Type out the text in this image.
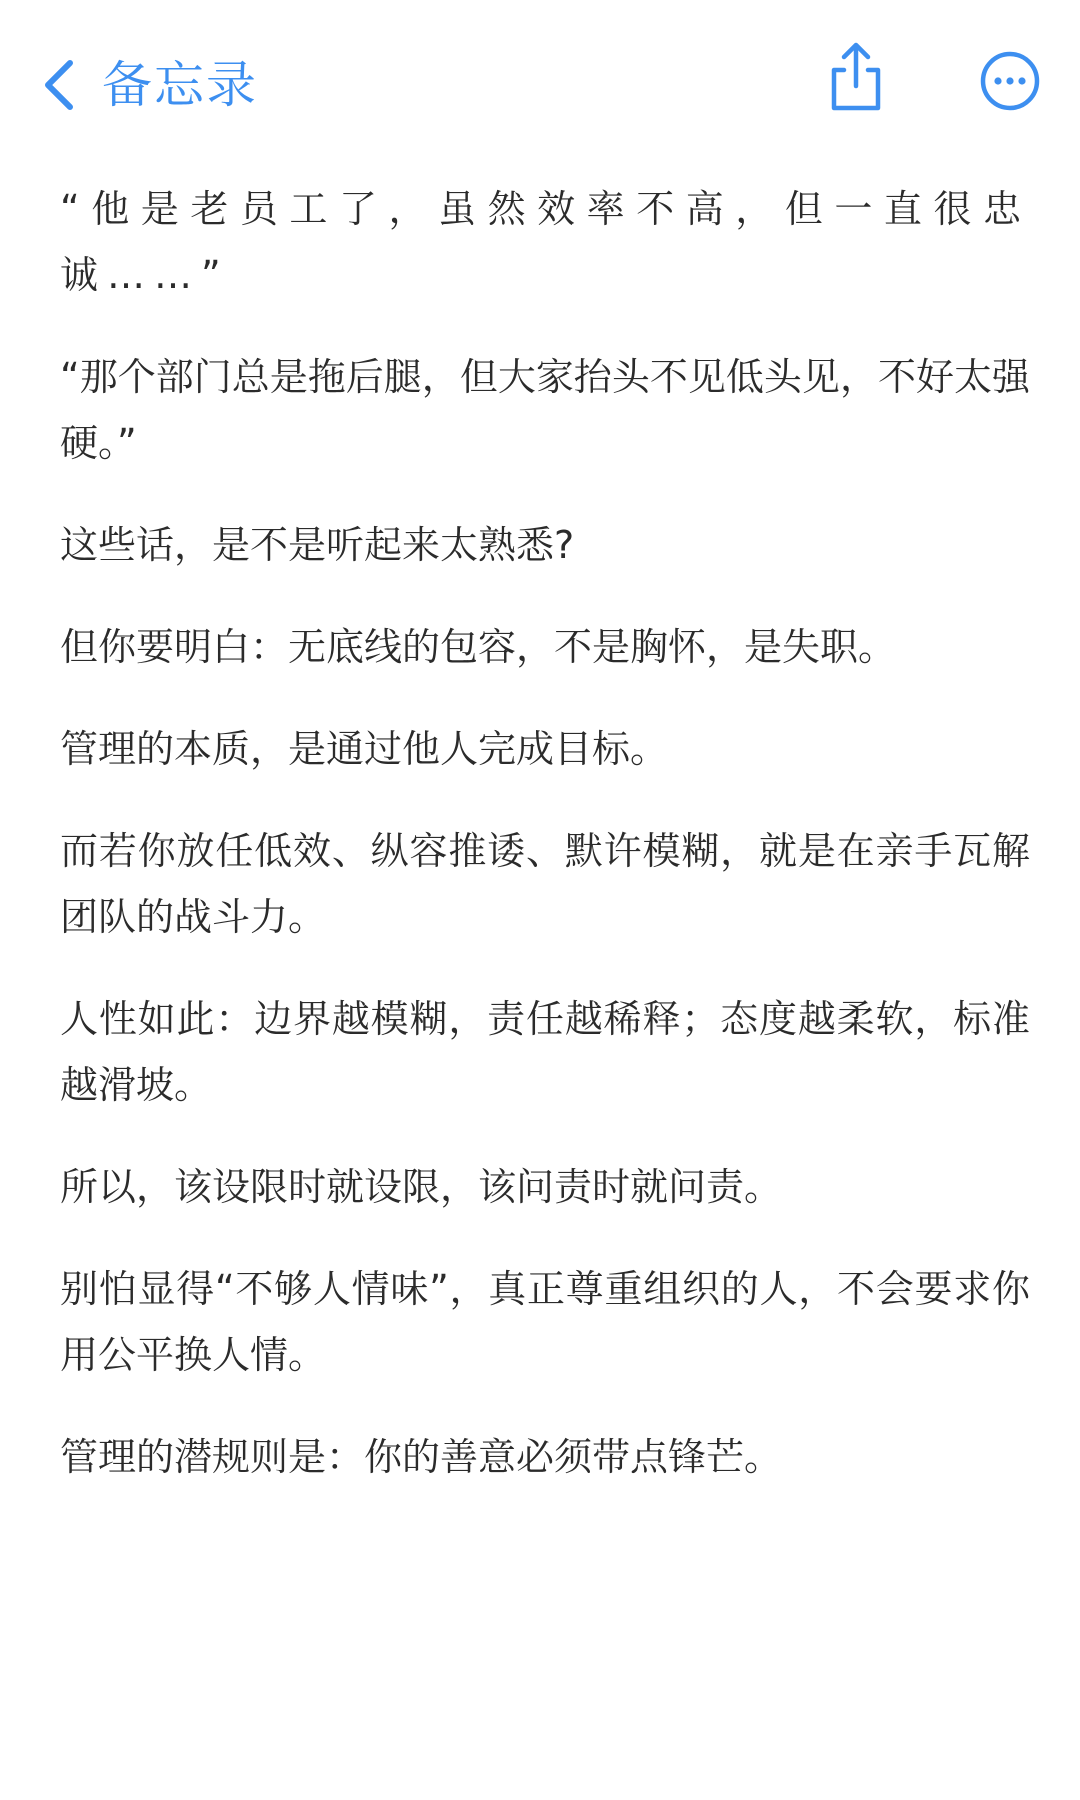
备忘录

“他是老员工了，虽然效率不高，但一直很忠诚……”

“那个部门总是拖后腿，但大家抬头不见低头见，不好太强硬。”

这些话，是不是听起来太熟悉?

但你要明白：无底线的包容，不是胸怀，是失职。

管理的本质，是通过他人完成目标。

而若你放任低效、纵容推诿、默许模糊，就是在亲手瓦解团队的战斗力。

人性如此：边界越模糊，责任越稀释；态度越柔软，标准越滑坡。

所以，该设限时就设限，该问责时就问责。

别怕显得“不够人情味”，真正尊重组织的人，不会要求你用公平换人情。

管理的潜规则是：你的善意必须带点锋芒。
